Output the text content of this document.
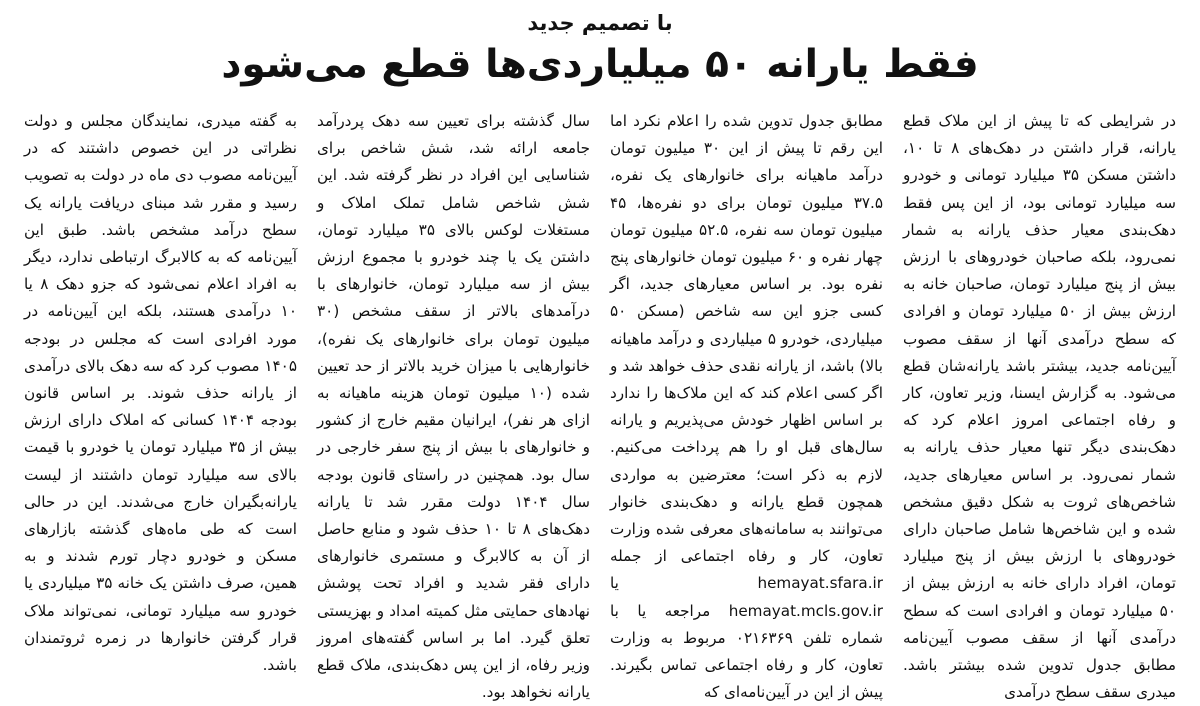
با تصمیم جدید
فقط یارانه ۵۰ میلیاردی‌ها قطع می‌شود
در شرایطی که تا پیش از این ملاک قطع یارانه، قرار داشتن در دهک‌های ۸ تا ۱۰، داشتن مسکن ۳۵ میلیارد تومانی و خودرو سه میلیارد تومانی بود، از این پس فقط دهک‌بندی معیار حذف یارانه به شمار نمی‌رود، بلکه صاحبان خودروهای با ارزش بیش از پنج میلیارد تومان، صاحبان خانه به ارزش بیش از ۵۰ میلیارد تومان و افرادی که سطح درآمدی آنها از سقف مصوب آیین‌نامه جدید، بیشتر باشد یارانه‌شان قطع می‌شود. به گزارش ایسنا، وزیر تعاون، کار و رفاه اجتماعی امروز اعلام کرد که دهک‌بندی دیگر تنها معیار حذف یارانه به شمار نمی‌رود. بر اساس معیارهای جدید، شاخص‌های ثروت به شکل دقیق مشخص شده و این شاخص‌ها شامل صاحبان دارای خودروهای با ارزش بیش از پنج میلیارد تومان، افراد دارای خانه به ارزش بیش از ۵۰ میلیارد تومان و افرادی است که سطح درآمدی آنها از سقف مصوب آیین‌نامه مطابق جدول تدوین شده بیشتر باشد. میدری سقف سطح درآمدی
مطابق جدول تدوین شده را اعلام نکرد اما این رقم تا پیش از این ۳۰ میلیون تومان درآمد ماهیانه برای خانوارهای یک نفره، ۳۷.۵ میلیون تومان برای دو نفره‌ها، ۴۵ میلیون تومان سه نفره، ۵۲.۵ میلیون تومان چهار نفره و ۶۰ میلیون تومان خانوارهای پنج نفره بود. بر اساس معیارهای جدید، اگر کسی جزو این سه شاخص (مسکن ۵۰ میلیاردی، خودرو ۵ میلیاردی و درآمد ماهیانه بالا) باشد، از یارانه نقدی حذف خواهد شد و اگر کسی اعلام کند که این ملاک‌ها را ندارد بر اساس اظهار خودش می‌پذیریم و یارانه سال‌های قبل او را هم پرداخت می‌کنیم. لازم به ذکر است؛ معترضین به مواردی همچون قطع یارانه و دهک‌بندی خانوار می‌توانند به سامانه‌های معرفی شده وزارت تعاون، کار و رفاه اجتماعی از جمله hemayat.sfara.ir یا hemayat.mcls.gov.ir مراجعه یا با شماره تلفن ۰۲۱۶۳۶۹ مربوط به وزارت تعاون، کار و رفاه اجتماعی تماس بگیرند. پیش از این در آیین‌نامه‌ای که
سال گذشته برای تعیین سه دهک پردرآمد جامعه ارائه شد، شش شاخص برای شناسایی این افراد در نظر گرفته شد. این شش شاخص شامل تملک املاک و مستغلات لوکس بالای ۳۵ میلیارد تومان، داشتن یک یا چند خودرو با مجموع ارزش بیش از سه میلیارد تومان، خانوارهای با درآمدهای بالاتر از سقف مشخص (۳۰ میلیون تومان برای خانوارهای یک نفره)، خانوارهایی با میزان خرید بالاتر از حد تعیین شده (۱۰ میلیون تومان هزینه ماهیانه به ازای هر نفر)، ایرانیان مقیم خارج از کشور و خانوارهای با بیش از پنج سفر خارجی در سال بود. همچنین در راستای قانون بودجه سال ۱۴۰۴ دولت مقرر شد تا یارانه دهک‌های ۸ تا ۱۰ حذف شود و منابع حاصل از آن به کالابرگ و مستمری خانوارهای دارای فقر شدید و افراد تحت پوشش نهادهای حمایتی مثل کمیته امداد و بهزیستی تعلق گیرد. اما بر اساس گفته‌های امروز وزیر رفاه، از این پس دهک‌بندی، ملاک قطع یارانه نخواهد بود.
به گفته میدری، نمایندگان مجلس و دولت نظراتی در این خصوص داشتند که در آیین‌نامه مصوب دی ماه در دولت به تصویب رسید و مقرر شد مبنای دریافت یارانه یک سطح درآمد مشخص باشد. طبق این آیین‌نامه که به کالابرگ ارتباطی ندارد، دیگر به افراد اعلام نمی‌شود که جزو دهک ۸ یا ۱۰ درآمدی هستند، بلکه این آیین‌نامه در مورد افرادی است که مجلس در بودجه ۱۴۰۵ مصوب کرد که سه دهک بالای درآمدی از یارانه حذف شوند. بر اساس قانون بودجه ۱۴۰۴ کسانی که املاک دارای ارزش بیش از ۳۵ میلیارد تومان یا خودرو با قیمت بالای سه میلیارد تومان داشتند از لیست یارانه‌بگیران خارج می‌شدند. این در حالی است که طی ماه‌های گذشته بازارهای مسکن و خودرو دچار تورم شدند و به همین، صرف داشتن یک خانه ۳۵ میلیاردی یا خودرو سه میلیارد تومانی، نمی‌تواند ملاک قرار گرفتن خانوارها در زمره ثروتمندان باشد.
